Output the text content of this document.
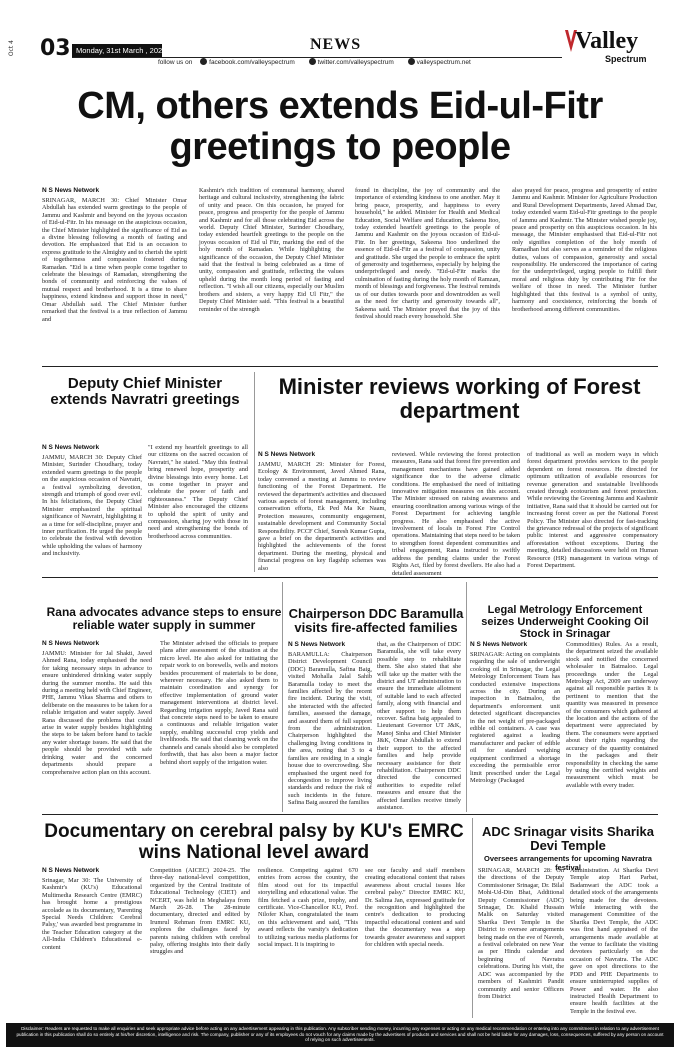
Oct 4 03 Monday, 31st March , 2025	NEWS	Valley
Spectrum
follow us on	facebook.com/valleyspectrum	twitter.com/valleyspectrum	valleyspectrum.net
CM, others extends Eid-ul-Fitr greetings to people
N S News Network
SRINAGAR, MARCH 30: Chief Minister Omar Abdullah has extended warm greetings to the people of Jammu and Kashmir and beyond on the joyous occasion of Eid-ul-Fitr. In his message on the auspicious occasion, the Chief Minister highlighted the significance of Eid as a divine blessing following a month of fasting and devotion. He emphasized that Eid is an occasion to express gratitude to the Almighty and to cherish the spirit of togetherness and compassion fostered during Ramadan. "Eid is a time when people come together to celebrate the blessings of Ramadan, strengthening the bonds of community and reinforcing the values of mutual respect and brotherhood. It is a time to share happiness, extend kindness and support those in need," Omar Abdullah said. The Chief Minister further remarked that the festival is a true reflection of Jammu and
Kashmir's rich tradition of communal harmony, shared heritage and cultural inclusivity, strengthening the fabric of unity and peace. On this occasion, he prayed for peace, progress and prosperity for the people of Jammu and Kashmir and for all those celebrating Eid across the world. Deputy Chief Minister, Surinder Choudhary, today extended heartfelt greetings to the people on the joyous occasion of Eid ul Fitr, marking the end of the holy month of Ramadan. While highlighting the significance of the occasion, the Deputy Chief Minister said that the festival is being celebrated as a time of unity, compassion and gratitude, reflecting the values upheld during the month long period of fasting and reflection. "I wish all our citizens, especially our Muslim brothers and sisters, a very happy Eid Ul Fitr," the Deputy Chief Minister said. "This festival is a beautiful reminder of the strength
found in discipline, the joy of community and the importance of extending kindness to one another. May it bring peace, prosperity, and happiness to every household," he added. Minister for Health and Medical Education, Social Welfare and Education, Sakeena Itoo, today extended heartfelt greetings to the people of Jammu and Kashmir on the joyous occasion of Eid-ul-Fitr. In her greetings, Sakeena Itoo underlined the essence of Eid-ul-Fitr as a festival of compassion, unity and gratitude. She urged the people to embrace the spirit of generosity and togetherness, especially by helping the underprivileged and needy. "Eid-ul-Fitr marks the culmination of fasting during the holy month of Ramzan, month of blessings and forgiveness. The festival reminds us of our duties towards poor and downtrodden as well as the need for charity and generosity towards all", Sakeena said. The Minister prayed that the joy of this festival should reach every household. She
also prayed for peace, progress and prosperity of entire Jammu and Kashmir. Minister for Agriculture Production and Rural Development Departments, Javed Ahmad Dar, today extended warm Eid-ul-Fitr greetings to the people of Jammu and Kashmir. The Minister wished people joy, peace and prosperity on this auspicious occasion. In his message, the Minister emphasised that Eid-ul-Fitr not only signifies completion of the holy month of Ramadhan but also serves as a reminder of the religious duties, values of compassion, generosity and social responsibility. He underscored the importance of caring for the underprivileged, urging people to fulfill their moral and religious duty by contributing Fitr for the welfare of those in need. The Minister further highlighted that this festival is a symbol of unity, harmony and coexistence, reinforcing the bonds of brotherhood among different communities.
Deputy Chief Minister extends Navratri greetings
N S News Network
JAMMU, MARCH 30: Deputy Chief Minister, Surinder Choudhary, today extended warm greetings to the people on the auspicious occasion of Navratri, a festival symbolizing devotion, strength and triumph of good over evil. In his felicitations, the Deputy Chief Minister emphasized the spiritual significance of Navratri, highlighting it as a time for self-discipline, prayer and inner purification. He urged the people to celebrate the festival with devotion while upholding the values of harmony and inclusivity.
"I extend my heartfelt greetings to all our citizens on the sacred occasion of Navratri," he stated. "May this festival bring renewed hope, prosperity and divine blessings into every home. Let us come together in prayer and celebrate the power of faith and righteousness." The Deputy Chief Minister also encouraged the citizens to uphold the spirit of unity and compassion, sharing joy with those in need and strengthening the bonds of brotherhood across communities.
Minister reviews working of Forest department
N S News Network
JAMMU, MARCH 29: Minister for Forest, Ecology & Environment, Javed Ahmed Rana, today convened a meeting at Jammu to review functioning of the Forest Department. He reviewed the department's activities and discussed various aspects of forest management, including conservation efforts, Ek Ped Ma Ke Naam, Protection measures, community engagement, sustainable development and Community Social Responsibility. PCCF Chief, Suresh Kumar Gupta, gave a brief on the department's activities and highlighted the achievements of the forest department. During the meeting, physical and financial progress on key flagship schemes was also
reviewed. While reviewing the forest protection measures, Rana said that forest fire prevention and management mechanisms have gained added significance due to the adverse climatic conditions. He emphasised the need of initiating innovative mitigation measures on this account. The Minister stressed on raising awareness and ensuring coordination among various wings of the Forest Department for achieving tangible progress. He also emphasised the active involvement of locals in Forest Fire Control operations. Maintaining that steps need to be taken to strengthen forest dependent communities and tribal engagement, Rana instructed to swiftly address the pending claims under the Forest Rights Act, filed by forest dwellers. He also had a detailed assessment
of traditional as well as modern ways in which forest department provides services to the people dependent on forest resources. He directed for optimum utilization of available resources for revenue generation and sustainable livelihoods created through ecotourism and forest protection. While reviewing the Greening Jammu and Kashmir initiative, Rana said that it should be carried out for increasing forest cover as per the National Forest Policy. The Minister also directed for fast-tracking the grievance redressal of the projects of significant public interest and aggressive compensatory afforestation without exceptions. During the meeting, detailed discussions were held on Human Resource (HR) management in various wings of Forest Department.
Rana advocates advance steps to ensure reliable water supply in summer
N S News Network
JAMMU: Minister for Jal Shakti, Javed Ahmed Rana, today emphasised the need for taking necessary steps in advance to ensure unhindered drinking water supply during the summer months. He said this during a meeting held with Chief Engineer, PHE, Jammu Vikas Sharma and others to deliberate on the measures to be taken for a reliable irrigation and water supply. Javed Rana discussed the problems that could arise in water supply besides highlighting the steps to be taken before hand to tackle any water shortage issues. He said that the people should be provided with safe drinking water and the concerned departments should prepare a comprehensive action plan on this account.
The Minister advised the officials to prepare plans after assessment of the situation at the micro level. He also asked for initiating the repair work to on borewells, wells and motors besides procurement of materials to be done, wherever necessary. He also asked them to maintain coordination and synergy for effective implementation of ground water management interventions at district level. Regarding irrigation supply, Javed Rana said that concrete steps need to be taken to ensure a continuous and reliable irrigation water supply, enabling successful crop yields and livelihoods. He said that cleaning work on the channels and canals should also be completed forthwith, that has also been a major factor behind short supply of the irrigation water.
Chairperson DDC Baramulla visits fire-affected families
N S News Network
BARAMULLA: Chairperson District Development Council (DDC) Baramulla, Safina Baig, visited Mohalla Jalal Sahib Baramulla today to meet the families affected by the recent fire incident. During the visit, she interacted with the affected families, assessed the damage, and assured them of full support from the administration. Chairperson highlighted the challenging living conditions in the area, noting that 3 to 4 families are residing in a single house due to overcrowding. She emphasised the urgent need for decongestion to improve living standards and reduce the risk of such incidents in the future. Safina Baig assured the families
that, as the Chairperson of DDC Baramulla, she will take every possible step to rehabilitate them. She also stated that she will take up the matter with the district and UT administration to ensure the immediate allotment of suitable land to each affected family, along with financial and other support to help them recover. Safina baig appealed to Lieutenant Governor UT J&K, Manoj Sinha and Chief Minister J&K, Omar Abdullah to extend their support to the affected families and help provide necessary assistance for their rehabilitation. Chairperson DDC directed the concerned authorities to expedite relief measures and ensure that the affected families receive timely assistance.
Legal Metrology Enforcement seizes Underweight Cooking Oil Stock in Srinagar
N S News Network
SRINAGAR: Acting on complaints regarding the sale of underweight cooking oil in Srinagar, the Legal Metrology Enforcement Team has conducted extensive inspections across the city. During an inspection in Batmaloo, the department's enforcement unit detected significant discrepancies in the net weight of pre-packaged edible oil containers. A case was registered against a leading manufacturer and packer of edible oil for standard weighing equipment confirmed a shortage exceeding the permissible error limit prescribed under the Legal Metrology (Packaged
Commodities) Rules. As a result, the department seized the available stock and notified the concerned wholesaler in Batmaloo. Legal proceedings under the Legal Metrology Act, 2009 are underway against all responsible parties It is pertinent to mention that the quantity was measured in presence of the consumers which gathered at the location and the actions of the department were appreciated by them. The consumers were apprised about their rights regarding the accuracy of the quantity contained in the packages and their responsibility in checking the same by using the certified weights and measurement which must be available with every trader.
Documentary on cerebral palsy by KU's EMRC wins National level award
N S News Network
Srinagar, Mar 30: The University of Kashmir's (KU's) Educational Multimedia Research Centre (EMRC) has brought home a prestigious accolade as its documentary, 'Parenting Special Needs Children: Cerebral Palsy,' was awarded best programme in the Teacher Education category at the All-India Children's Educational e-content
Competition (AICEC) 2024-25. The three-day national-level competition, organized by the Central Institute of Educational Technology (CIET) and NCERT, was held in Meghalaya from March 26-28. The 28-minute documentary, directed and edited by Irumrul Rehman from EMRC KU, explores the challenges faced by parents raising children with cerebral palsy, offering insights into their daily struggles and
resilience. Competing against 670 entries from across the country, the film stood out for its impactful storytelling and educational value. The film fetched a cash prize, trophy, and certificate. Vice-Chancellor KU, Prof. Nilofer Khan, congratulated the team on this achievement and said, "This award reflects the varsity's dedication to utilizing various media platforms for social impact. It is inspiring to
see our faculty and staff members creating educational content that raises awareness about crucial issues like cerebral palsy." Director EMRC KU, Dr. Salima Jan, expressed gratitude for the recognition and highlighted the centre's dedication to producing impactful educational content and said that the documentary was a step towards greater awareness and support for children with special needs.
ADC Srinagar visits Sharika Devi Temple
Oversees arrangements for upcoming Navratra festival
SRINAGAR, MARCH 28: On the directions of the Deputy Commissioner Srinagar, Dr. Bilal Mohi-Ud-Din Bhat, Additional Deputy Commissioner (ADC) Srinagar, Dr. Khalid Hussain Malik on Saturday visited Sharika Devi Temple in the District to oversee arrangements being made on the eve of Navreh, a festival celebrated on new Year as per Hindu calendar and beginning of Navratra celebrations. During his visit, the ADC was accompanied by the members of Kashmiri Pandit community and senior Officers from District
Administration. At Sharika Devi Temple atop Hari Parbat, Badamwari the ADC took a detailed stock of the arrangements being made for the devotees. While interacting with the management Committee of the Sharika Devi Temple, the ADC was first hand appraised of the arrangements made available at the venue to facilitate the visiting devotees particularly on the occasion of Navratra. The ADC gave on spot directions to the PDD and PHE Departments to ensure uninterrupted supplies of Power and water. He also instructed Health Department to ensure health facilities at the Temple in the festival eve.
Disclaimer: Readers are requested to make all enquiries and seek appropriate advice before acting on any advertisement appearing in this publication. Any subscriber sending money, incurring any expenses or acting on any medical recommendation or entering into any commitment in relation to any advertisement publication in this publication shall do so entirely at his/her discretion, intelligence and risk. The company, publisher or any of its employees do not vouch for any claims made by the advertisers of products and services and shall not be held liable for any damages, loss, consequences, suffered by any person on account of relying on such advertisements.
